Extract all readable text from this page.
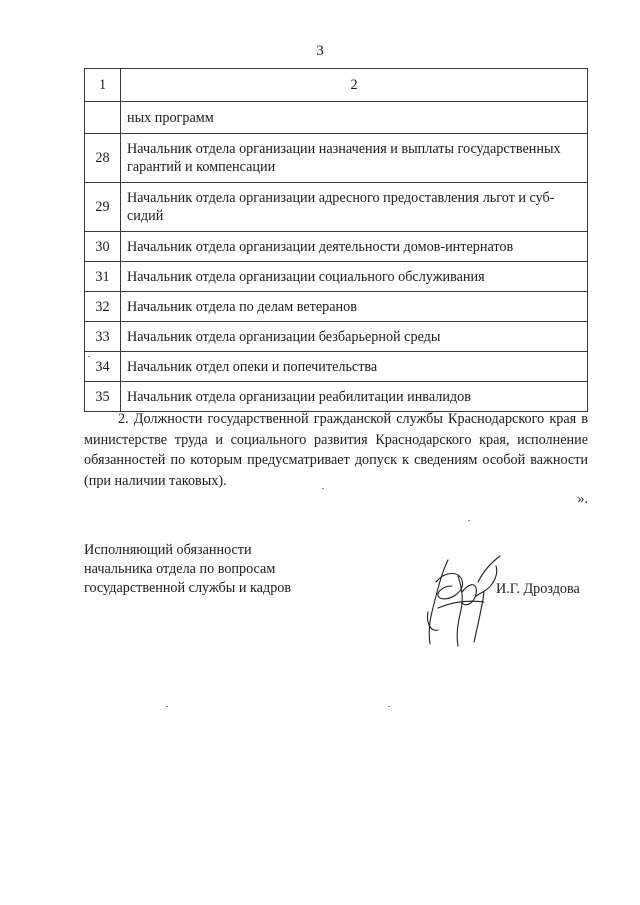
3
1	2
	ных программ
28	Начальник отдела организации назначения и выплаты государственных
гарантий и компенсации

29	Начальник отдела организации адресного предоставления льгот и суб-
сидий

30	Начальник отдела организации деятельности домов-интернатов
31	Начальник отдела организации социального обслуживания
32	Начальник отдела по делам ветеранов
33	Начальник отдела организации безбарьерной среды
34	Начальник отдел опеки и попечительства
35	Начальник отдела организации реабилитации инвалидов

2. Должности государственной гражданской службы Краснодарского края в министерстве труда и социального развития Краснодарского края, исполнение обязанностей по которым предусматривает допуск к сведениям особой важности (при наличии таковых).

».
Исполняющий обязанности
начальника отдела по вопросам
государственной службы и кадров	И.Г. Дроздова
